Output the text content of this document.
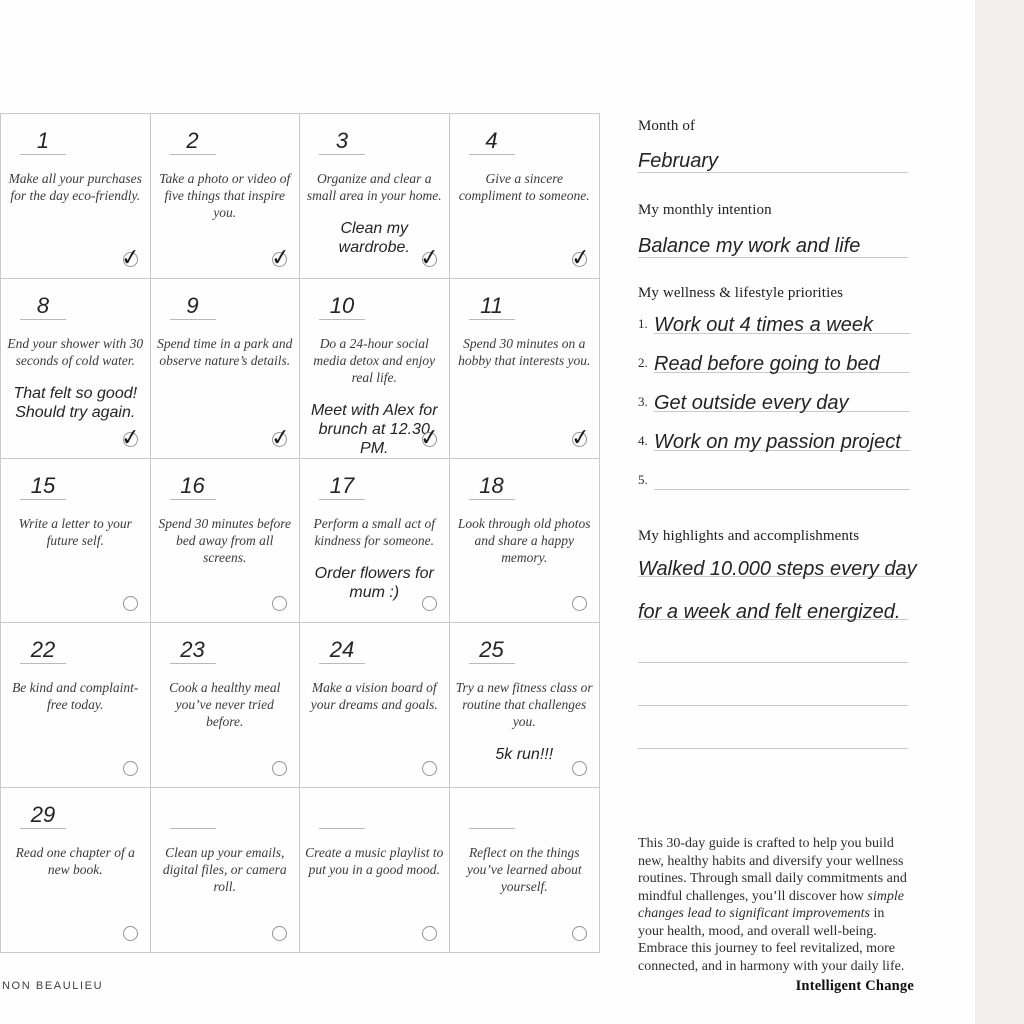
1
Make all your purchases for the day eco-friendly.
✓
2
Take a photo or video of five things that inspire you.
✓
3
Organize and clear a small area in your home.
Clean my wardrobe. ✓
4
Give a sincere compliment to someone.
✓
8
End your shower with 30 seconds of cold water.
That felt so good! Should try again.
✓
9
Spend time in a park and observe nature’s details.
✓
10
Do a 24-hour social media detox and enjoy real life.
Meet with Alex for brunch at 12.30 PM.	✓
11
Spend 30 minutes on a hobby that interests you.
✓
15
Write a letter to your future self.
16
Spend 30 minutes before bed away from all screens.
17
Perform a small act of kindness for someone.
Order flowers for mum :)
18
Look through old photos and share a happy memory.
22
Be kind and complaint-free today.
23
Cook a healthy meal you’ve never tried before.
24
Make a vision board of your dreams and goals.
25
Try a new fitness class or routine that challenges you.
5k run!!!
29
Read one chapter of a new book.
Clean up your emails, digital files, or camera roll.
Create a music playlist to put you in a good mood.
Reflect on the things you’ve learned about yourself.
Month of
February
My monthly intention
Balance my work and life
My wellness & lifestyle priorities
1. Work out 4 times a week
2. Read before going to bed
3. Get outside every day
4. Work on my passion project
5.
My highlights and accomplishments
Walked 10.000 steps every day
for a week and felt energized.
This 30-day guide is crafted to help you build new, healthy habits and diversify your wellness routines. Through small daily commitments and mindful challenges, you’ll discover how simple changes lead to significant improvements in your health, mood, and overall well-being. Embrace this journey to feel revitalized, more connected, and in harmony with your daily life.
NON BEAULIEU	Intelligent Change
